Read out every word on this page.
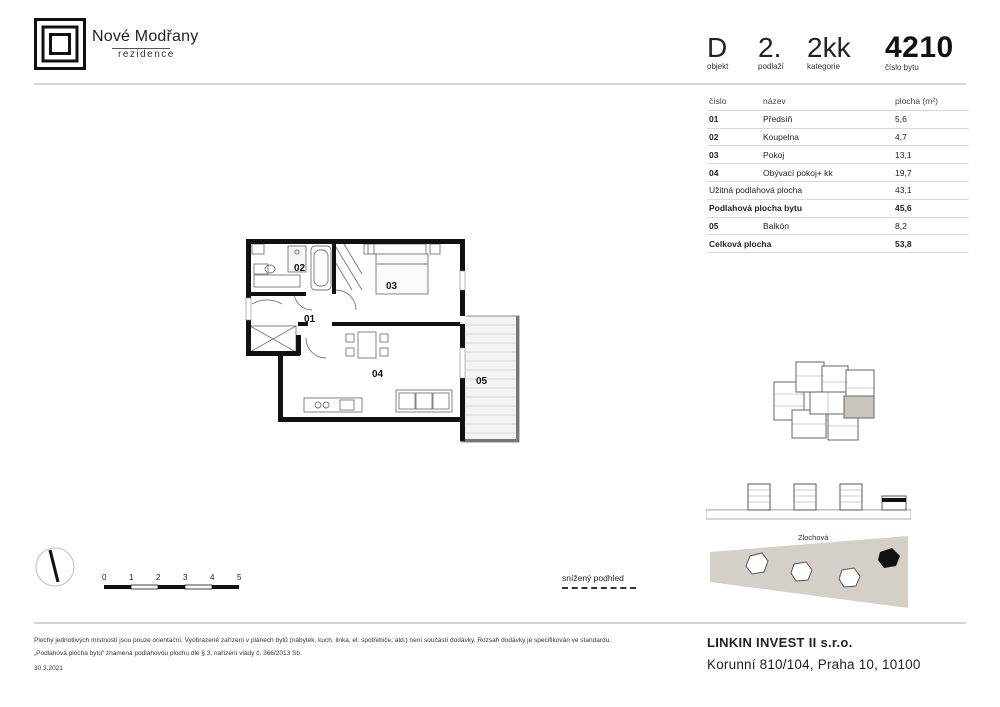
Nové Modřany
rezidence	D
objekt
2.
podlaží
2kk
kategorie
4210
číslo bytu
číslo	název	plocha (m²)
01	Předsíň	5,6
02	Koupelna	4,7
03	Pokoj	13,1
04	Obývací pokoj+ kk	19,7
Užitná podlahová plocha		43,1
Podlahová plocha bytu		45,6
05	Balkón	8,2
Celková plocha		53,8
01
02
03
04
05
0	1	2	3	4	5	snížený podhled
Zlochová
Plochy jednotlivých místností jsou pouze orientační. Vyobrazené zařízení v plánech bytů (nábytek, kuch. linka, el. spotřebiče, atd.) není součástí dodávky. Rozsah dodávky je specifikován ve standardu.
„Podlahová plocha bytu“ znamená podlahovou plochu dle § 3, nařízení vlády č. 366/2013 Sb.
30.3.2021
LINKIN INVEST II s.r.o.
Korunní 810/104, Praha 10, 10100
